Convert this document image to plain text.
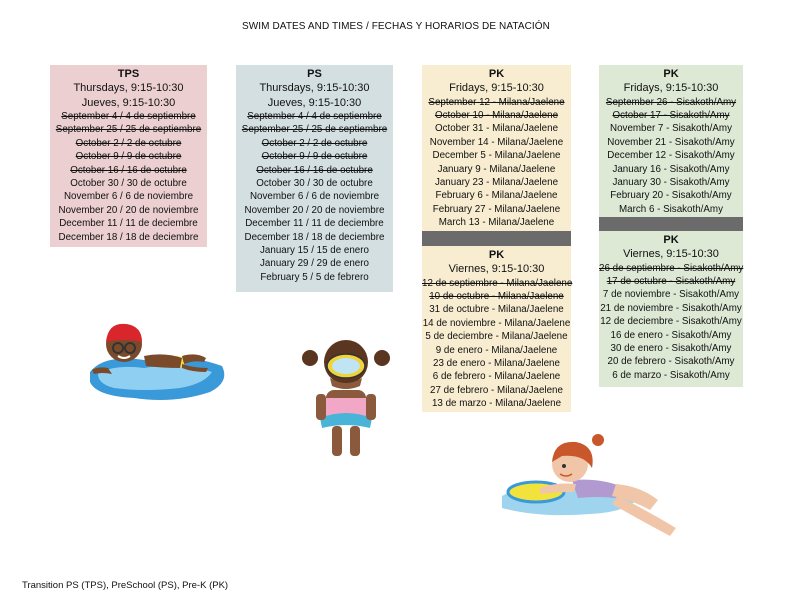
SWIM DATES AND TIMES / FECHAS Y HORARIOS DE NATACIÓN
TPS
Thursdays, 9:15-10:30
Jueves, 9:15-10:30
September 4 / 4 de septiembre
September 25 / 25 de septiembre
October 2 / 2 de octubre
October 9 / 9 de octubre
October 16 / 16 de octubre
October 30 / 30 de octubre
November 6 / 6 de noviembre
November 20 / 20 de noviembre
December 11 / 11 de deciembre
December 18 / 18 de deciembre
PS
Thursdays, 9:15-10:30
Jueves, 9:15-10:30
September 4 / 4 de septiembre
September 25 / 25 de septiembre
October 2 / 2 de octubre
October 9 / 9 de octubre
October 16 / 16 de octubre
October 30 / 30 de octubre
November 6 / 6 de noviembre
November 20 / 20 de noviembre
December 11 / 11 de deciembre
December 18 / 18 de deciembre
January 15 / 15 de enero
January 29 / 29 de enero
February 5 / 5 de febrero
PK
Fridays, 9:15-10:30
September 12 - Milana/Jaelene
October 10 - Milana/Jaelene
October 31 - Milana/Jaelene
November 14 - Milana/Jaelene
December 5 - Milana/Jaelene
January 9 - Milana/Jaelene
January 23 - Milana/Jaelene
February 6 - Milana/Jaelene
February 27 - Milana/Jaelene
March 13 - Milana/Jaelene
PK
Viernes, 9:15-10:30
12 de septiembre - Milana/Jaelene
10 de octubre - Milana/Jaelene
31 de octubre - Milana/Jaelene
14 de noviembre - Milana/Jaelene
5 de deciembre - Milana/Jaelene
9 de enero - Milana/Jaelene
23 de enero - Milana/Jaelene
6 de febrero - Milana/Jaelene
27 de febrero - Milana/Jaelene
13 de marzo - Milana/Jaelene
PK
Fridays, 9:15-10:30
September 26 - Sisakoth/Amy
October 17 - Sisakoth/Amy
November 7 - Sisakoth/Amy
November 21 - Sisakoth/Amy
December 12 - Sisakoth/Amy
January 16 - Sisakoth/Amy
January 30 - Sisakoth/Amy
February 20 - Sisakoth/Amy
March 6 - Sisakoth/Amy
PK
Viernes, 9:15-10:30
26 de septiembre - Sisakoth/Amy
17 de octubre - Sisakoth/Amy
7 de noviembre - Sisakoth/Amy
21 de noviembre - Sisakoth/Amy
12 de deciembre - Sisakoth/Amy
16 de enero - Sisakoth/Amy
30 de enero - Sisakoth/Amy
20 de febrero - Sisakoth/Amy
6 de marzo - Sisakoth/Amy
Transition PS (TPS), PreSchool (PS), Pre-K (PK)
